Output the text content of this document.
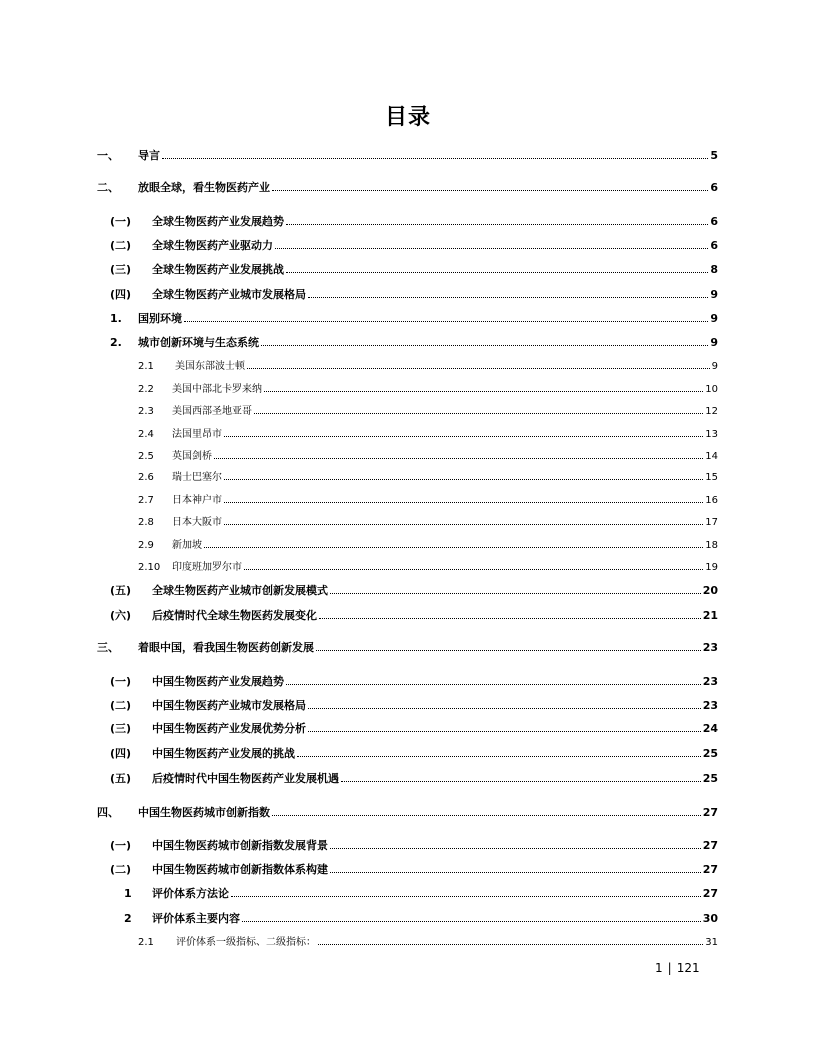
目录
一、 导言	5
二、 放眼全球，看生物医药产业	6
(一) 全球生物医药产业发展趋势	6
(二) 全球生物医药产业驱动力	6
(三) 全球生物医药产业发展挑战	8
(四) 全球生物医药产业城市发展格局	9
1. 国别环境	9
2. 城市创新环境与生态系统	9
2.1 美国东部波士顿	9
2.2 美国中部北卡罗来纳	10
2.3 美国西部圣地亚哥	12
2.4 法国里昂市	13
2.5 英国剑桥	14
2.6 瑞士巴塞尔	15
2.7 日本神户市	16
2.8 日本大阪市	17
2.9 新加坡	18
2.10 印度班加罗尔市	19
(五) 全球生物医药产业城市创新发展模式	20
(六) 后疫情时代全球生物医药发展变化	21
三、 着眼中国，看我国生物医药创新发展	23
(一) 中国生物医药产业发展趋势	23
(二) 中国生物医药产业城市发展格局	23
(三) 中国生物医药产业发展优势分析	24
(四) 中国生物医药产业发展的挑战	25
(五) 后疫情时代中国生物医药产业发展机遇	25
四、 中国生物医药城市创新指数	27
(一) 中国生物医药城市创新指数发展背景	27
(二) 中国生物医药城市创新指数体系构建	27
1 评价体系方法论	27
2 评价体系主要内容	30
2.1 评价体系一级指标、二级指标：	31
1 | 121
